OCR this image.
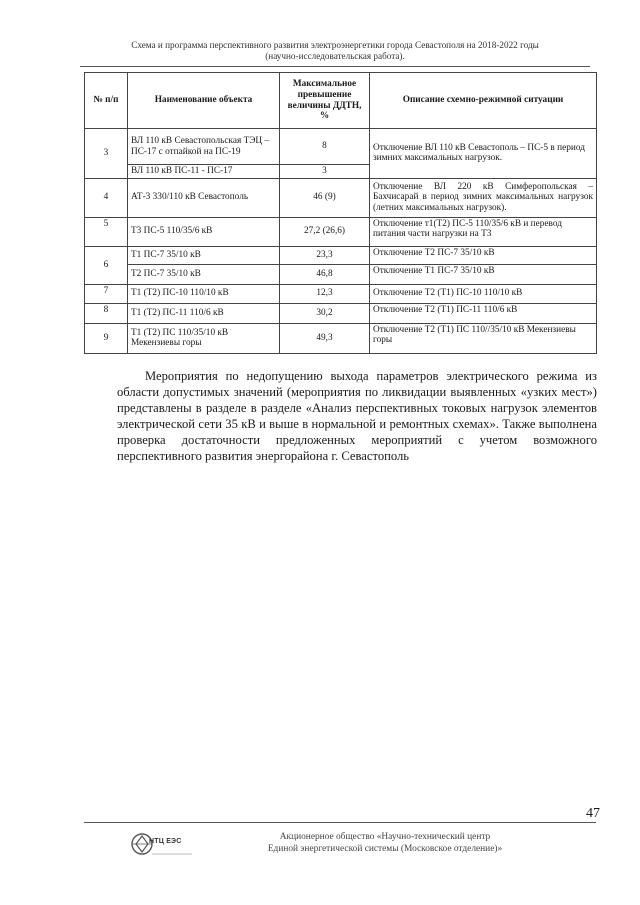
Схема и программа перспективного развития электроэнергетики города Севастополя на 2018-2022 годы
(научно-исследовательская работа).
№ п/п	Наименование объекта	Максимальное превышение величины ДДТН, %	Описание схемно-режимной ситуации
3	ВЛ 110 кВ Севастопольская ТЭЦ – ПС-17 с отпайкой на ПС-19	8	Отключение ВЛ 110 кВ Севастополь – ПС-5 в период зимних максимальных нагрузок.
	ВЛ 110 кВ ПС-11 - ПС-17	3	
4	АТ-3 330/110 кВ Севастополь	46 (9)	Отключение ВЛ 220 кВ Симферопольская – Бахчисарай в период зимних максимальных нагрузок (летних максимальных нагрузок).
5	Т3 ПС-5 110/35/6 кВ	27,2 (26,6)	Отключение т1(Т2) ПС-5 110/35/6 кВ и перевод питания части нагрузки на Т3
6	Т1 ПС-7 35/10 кВ	23,3	Отключение Т2 ПС-7 35/10 кВ
	Т2 ПС-7 35/10 кВ	46,8	Отключение Т1 ПС-7 35/10 кВ
7	Т1 (Т2) ПС-10 110/10 кВ	12,3	Отключение Т2 (Т1) ПС-10 110/10 кВ
8	Т1 (Т2) ПС-11 110/6 кВ	30,2	Отключение Т2 (Т1) ПС-11 110/6 кВ
9	Т1 (Т2) ПС 110/35/10 кВ Мекензиевы горы	49,3	Отключение Т2 (Т1) ПС 110//35/10 кВ Мекензиевы горы
Мероприятия по недопущению выхода параметров электрического режима из области допустимых значений (мероприятия по ликвидации выявленных «узких мест») представлены в разделе в разделе «Анализ перспективных токовых нагрузок элементов электрической сети 35 кВ и выше в нормальной и ремонтных схемах». Также выполнена проверка достаточности предложенных мероприятий с учетом возможного перспективного развития энергорайона г. Севастополь
47
НТЦ ЕЭС	Акционерное общество «Научно-технический центр
Единой энергетической системы (Московское отделение)»
